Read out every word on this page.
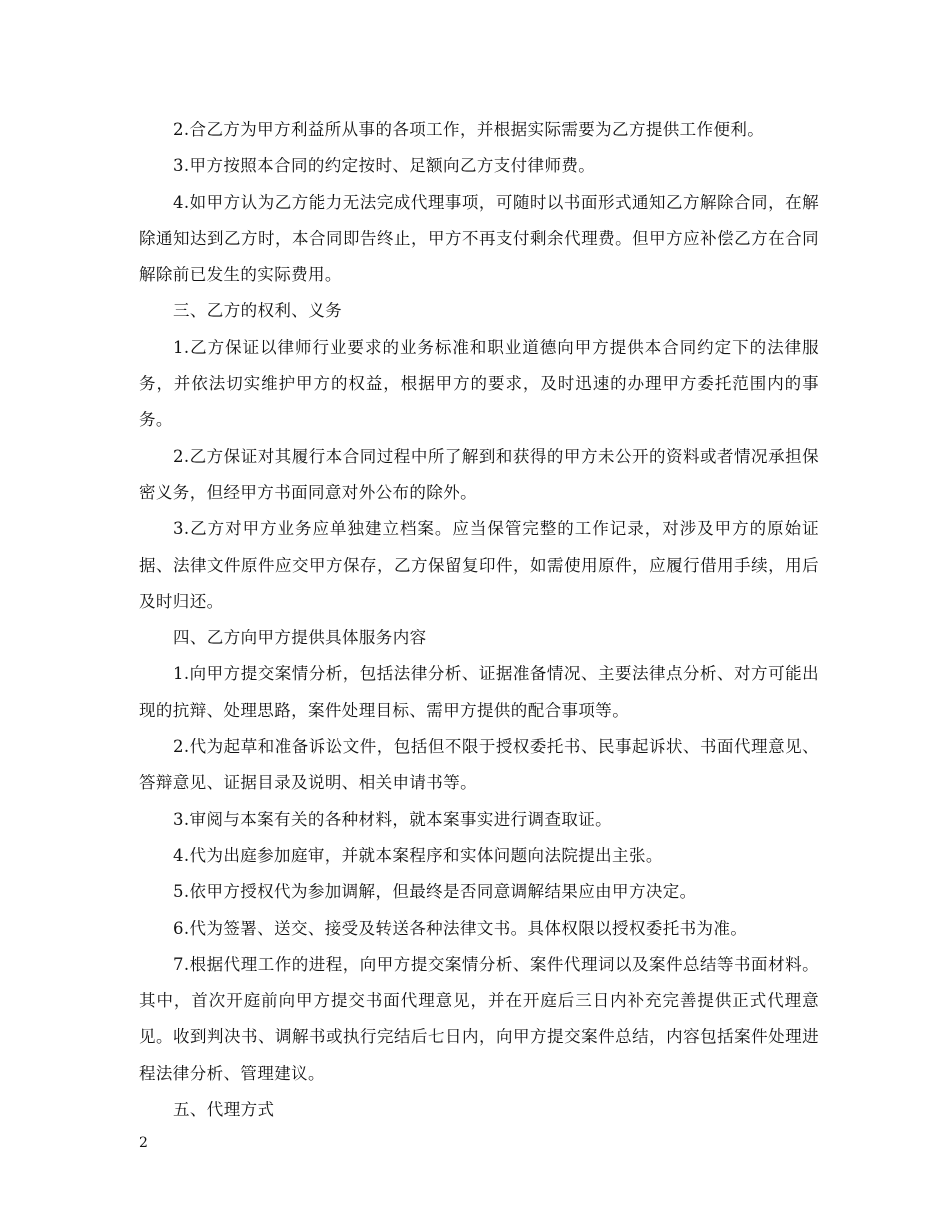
2.合乙方为甲方利益所从事的各项工作，并根据实际需要为乙方提供工作便利。

3.甲方按照本合同的约定按时、足额向乙方支付律师费。

4.如甲方认为乙方能力无法完成代理事项，可随时以书面形式通知乙方解除合同，在解除通知达到乙方时，本合同即告终止，甲方不再支付剩余代理费。但甲方应补偿乙方在合同解除前已发生的实际费用。

三、乙方的权利、义务

1.乙方保证以律师行业要求的业务标准和职业道德向甲方提供本合同约定下的法律服务，并依法切实维护甲方的权益，根据甲方的要求，及时迅速的办理甲方委托范围内的事务。

2.乙方保证对其履行本合同过程中所了解到和获得的甲方未公开的资料或者情况承担保密义务，但经甲方书面同意对外公布的除外。

3.乙方对甲方业务应单独建立档案。应当保管完整的工作记录，对涉及甲方的原始证据、法律文件原件应交甲方保存，乙方保留复印件，如需使用原件，应履行借用手续，用后及时归还。

四、乙方向甲方提供具体服务内容

1.向甲方提交案情分析，包括法律分析、证据准备情况、主要法律点分析、对方可能出现的抗辩、处理思路，案件处理目标、需甲方提供的配合事项等。

2.代为起草和准备诉讼文件，包括但不限于授权委托书、民事起诉状、书面代理意见、答辩意见、证据目录及说明、相关申请书等。

3.审阅与本案有关的各种材料，就本案事实进行调查取证。

4.代为出庭参加庭审，并就本案程序和实体问题向法院提出主张。

5.依甲方授权代为参加调解，但最终是否同意调解结果应由甲方决定。

6.代为签署、送交、接受及转送各种法律文书。具体权限以授权委托书为准。

7.根据代理工作的进程，向甲方提交案情分析、案件代理词以及案件总结等书面材料。其中，首次开庭前向甲方提交书面代理意见，并在开庭后三日内补充完善提供正式代理意见。收到判决书、调解书或执行完结后七日内，向甲方提交案件总结，内容包括案件处理进程法律分析、管理建议。

五、代理方式

2
